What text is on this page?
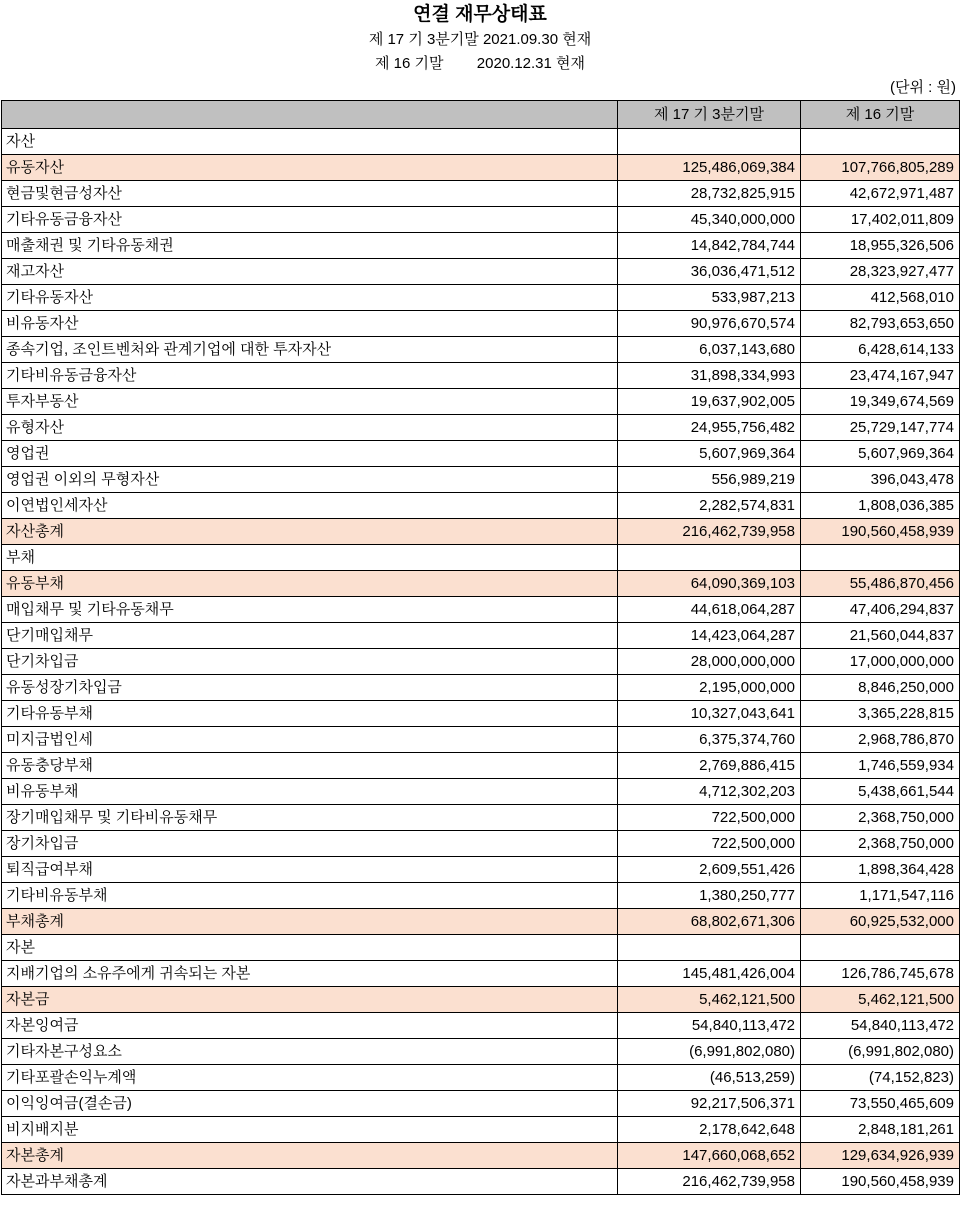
연결 재무상태표
제 17 기 3분기말 2021.09.30 현재
제 16 기말        2020.12.31 현재
(단위 : 원)
	제 17 기 3분기말	제 16 기말
자산		
유동자산	125,486,069,384	107,766,805,289
현금및현금성자산	28,732,825,915	42,672,971,487
기타유동금융자산	45,340,000,000	17,402,011,809
매출채권 및 기타유동채권	14,842,784,744	18,955,326,506
재고자산	36,036,471,512	28,323,927,477
기타유동자산	533,987,213	412,568,010
비유동자산	90,976,670,574	82,793,653,650
종속기업, 조인트벤처와 관계기업에 대한 투자자산	6,037,143,680	6,428,614,133
기타비유동금융자산	31,898,334,993	23,474,167,947
투자부동산	19,637,902,005	19,349,674,569
유형자산	24,955,756,482	25,729,147,774
영업권	5,607,969,364	5,607,969,364
영업권 이외의 무형자산	556,989,219	396,043,478
이연법인세자산	2,282,574,831	1,808,036,385
자산총계	216,462,739,958	190,560,458,939
부채		
유동부채	64,090,369,103	55,486,870,456
매입채무 및 기타유동채무	44,618,064,287	47,406,294,837
단기매입채무	14,423,064,287	21,560,044,837
단기차입금	28,000,000,000	17,000,000,000
유동성장기차입금	2,195,000,000	8,846,250,000
기타유동부채	10,327,043,641	3,365,228,815
미지급법인세	6,375,374,760	2,968,786,870
유동충당부채	2,769,886,415	1,746,559,934
비유동부채	4,712,302,203	5,438,661,544
장기매입채무 및 기타비유동채무	722,500,000	2,368,750,000
장기차입금	722,500,000	2,368,750,000
퇴직급여부채	2,609,551,426	1,898,364,428
기타비유동부채	1,380,250,777	1,171,547,116
부채총계	68,802,671,306	60,925,532,000
자본		
지배기업의 소유주에게 귀속되는 자본	145,481,426,004	126,786,745,678
자본금	5,462,121,500	5,462,121,500
자본잉여금	54,840,113,472	54,840,113,472
기타자본구성요소	(6,991,802,080)	(6,991,802,080)
기타포괄손익누계액	(46,513,259)	(74,152,823)
이익잉여금(결손금)	92,217,506,371	73,550,465,609
비지배지분	2,178,642,648	2,848,181,261
자본총계	147,660,068,652	129,634,926,939
자본과부채총계	216,462,739,958	190,560,458,939
